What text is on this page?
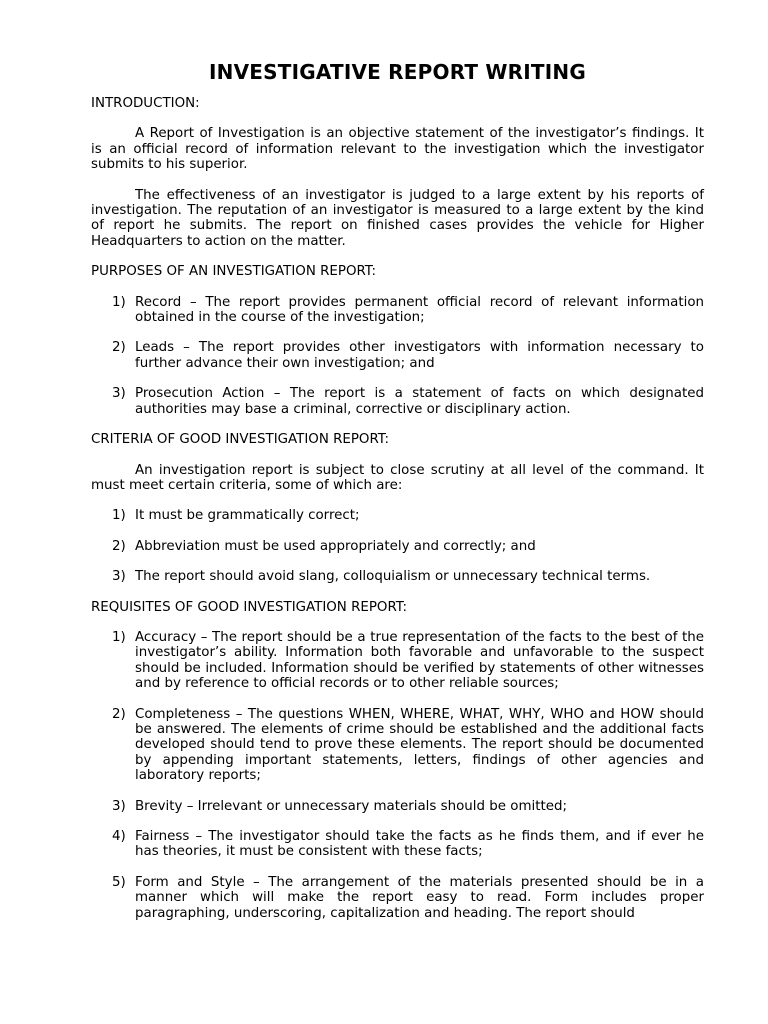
INVESTIGATIVE REPORT WRITING
INTRODUCTION:

A Report of Investigation is an objective statement of the investigator’s findings. It is an official record of information relevant to the investigation which the investigator submits to his superior.

The effectiveness of an investigator is judged to a large extent by his reports of investigation. The reputation of an investigator is measured to a large extent by the kind of report he submits. The report on finished cases provides the vehicle for Higher Headquarters to action on the matter.

PURPOSES OF AN INVESTIGATION REPORT:
1) Record – The report provides permanent official record of relevant information obtained in the course of the investigation;
2) Leads – The report provides other investigators with information necessary to further advance their own investigation; and
3) Prosecution Action – The report is a statement of facts on which designated authorities may base a criminal, corrective or disciplinary action.
CRITERIA OF GOOD INVESTIGATION REPORT:

An investigation report is subject to close scrutiny at all level of the command. It must meet certain criteria, some of which are:

1) It must be grammatically correct;
2) Abbreviation must be used appropriately and correctly; and
3) The report should avoid slang, colloquialism or unnecessary technical terms.
REQUISITES OF GOOD INVESTIGATION REPORT:
1) Accuracy – The report should be a true representation of the facts to the best of the investigator’s ability. Information both favorable and unfavorable to the suspect should be included. Information should be verified by statements of other witnesses and by reference to official records or to other reliable sources;
2) Completeness – The questions WHEN, WHERE, WHAT, WHY, WHO and HOW should be answered. The elements of crime should be established and the additional facts developed should tend to prove these elements. The report should be documented by appending important statements, letters, findings of other agencies and laboratory reports;
3) Brevity – Irrelevant or unnecessary materials should be omitted;
4) Fairness – The investigator should take the facts as he finds them, and if ever he has theories, it must be consistent with these facts;
5) Form and Style – The arrangement of the materials presented should be in a manner which will make the report easy to read. Form includes proper paragraphing, underscoring, capitalization and heading. The report should
